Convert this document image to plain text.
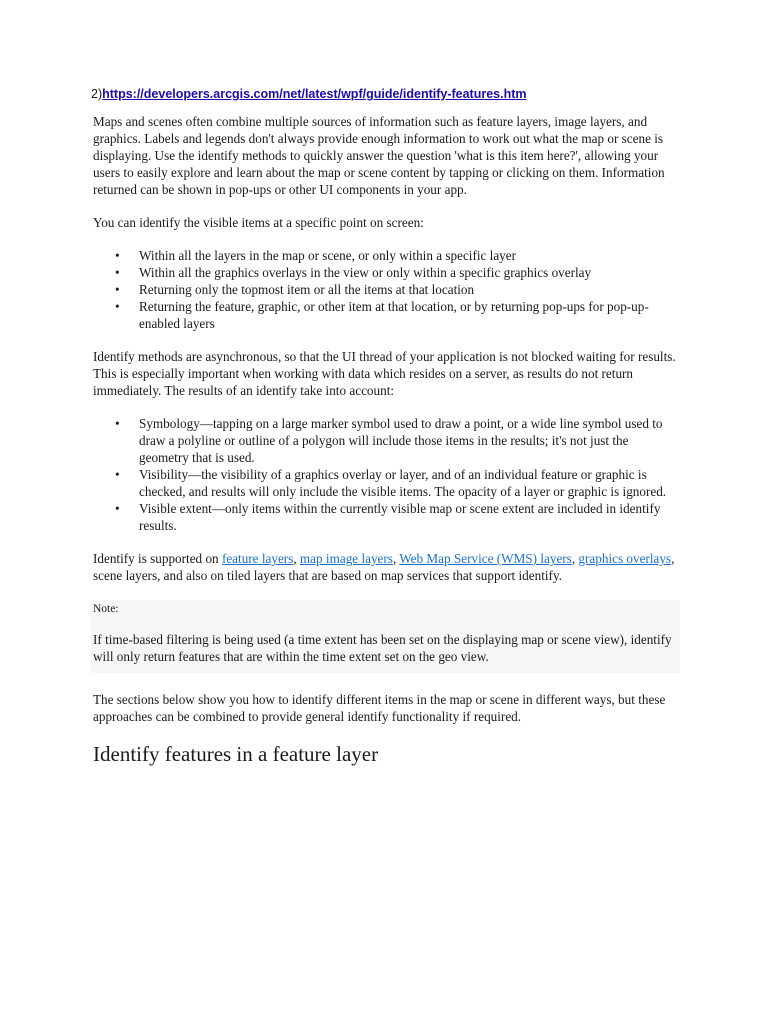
2)https://developers.arcgis.com/net/latest/wpf/guide/identify-features.htm

Maps and scenes often combine multiple sources of information such as feature layers, image layers, and graphics. Labels and legends don't always provide enough information to work out what the map or scene is displaying. Use the identify methods to quickly answer the question 'what is this item here?', allowing your users to easily explore and learn about the map or scene content by tapping or clicking on them. Information returned can be shown in pop-ups or other UI components in your app.

You can identify the visible items at a specific point on screen:

• Within all the layers in the map or scene, or only within a specific layer
• Within all the graphics overlays in the view or only within a specific graphics overlay
• Returning only the topmost item or all the items at that location
• Returning the feature, graphic, or other item at that location, or by returning pop-ups for pop-up-enabled layers

Identify methods are asynchronous, so that the UI thread of your application is not blocked waiting for results. This is especially important when working with data which resides on a server, as results do not return immediately. The results of an identify take into account:

• Symbology—tapping on a large marker symbol used to draw a point, or a wide line symbol used to draw a polyline or outline of a polygon will include those items in the results; it's not just the geometry that is used.
• Visibility—the visibility of a graphics overlay or layer, and of an individual feature or graphic is checked, and results will only include the visible items. The opacity of a layer or graphic is ignored.
• Visible extent—only items within the currently visible map or scene extent are included in identify results.

Identify is supported on feature layers, map image layers, Web Map Service (WMS) layers, graphics overlays, scene layers, and also on tiled layers that are based on map services that support identify.

Note:

If time-based filtering is being used (a time extent has been set on the displaying map or scene view), identify will only return features that are within the time extent set on the geo view.

The sections below show you how to identify different items in the map or scene in different ways, but these approaches can be combined to provide general identify functionality if required.

Identify features in a feature layer
